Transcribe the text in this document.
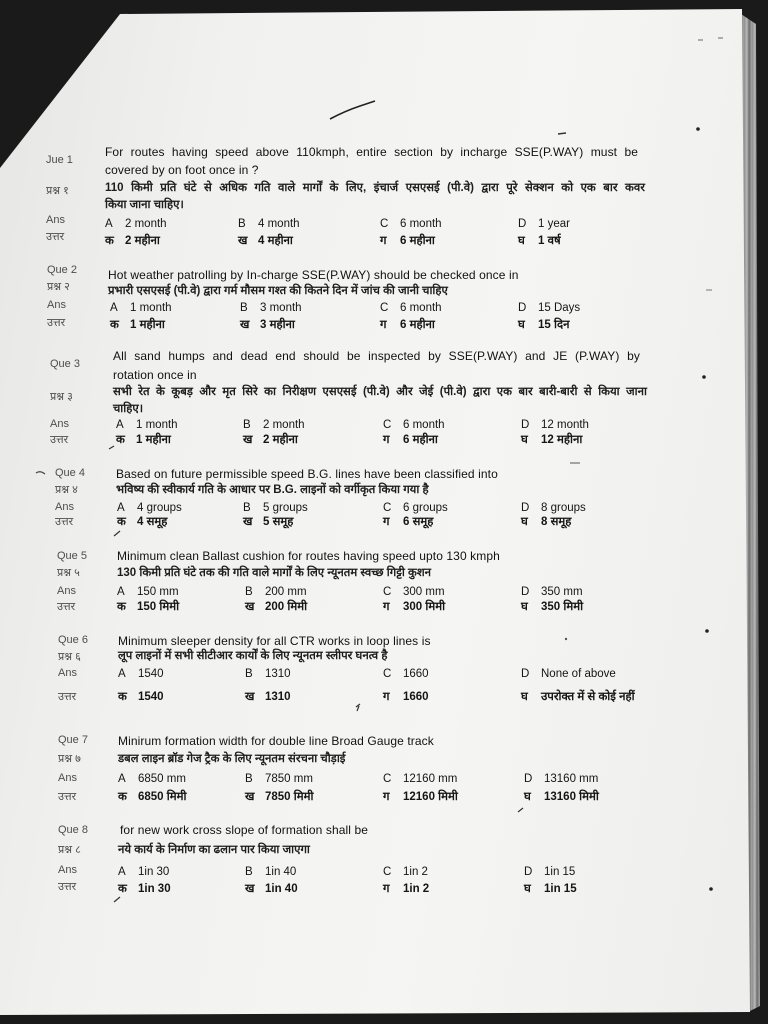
Jue 1
प्रश्न १
For routes having speed above 110kmph, entire section by incharge SSE(P.WAY) must be
covered by on foot once in ?
110 किमी प्रति घंटे से अधिक गति वाले मार्गों के लिए, इंचार्ज एसएसई (पी.वे) द्वारा पूरे सेक्शन को एक बार कवर
किया जाना चाहिए।
Ans	A 2 month	B 4 month	C 6 month	D 1 year
उत्तर	क 2 महीना	ख 4 महीना	ग 6 महीना	घ 1 वर्ष
Que 2
प्रश्न २
Hot weather patrolling by In-charge SSE(P.WAY) should be checked once in
प्रभारी एसएसई (पी.वे) द्वारा गर्म मौसम गश्त की कितने दिन में जांच की जानी चाहिए
Ans	A 1 month	B 3 month	C 6 month	D 15 Days
उत्तर	क 1 महीना	ख 3 महीना	ग 6 महीना	घ 15 दिन
Que 3
प्रश्न ३
All sand humps and dead end should be inspected by SSE(P.WAY) and JE (P.WAY) by
rotation once in
सभी रेत के कूबड़ और मृत सिरे का निरीक्षण एसएसई (पी.वे) और जेई (पी.वे) द्वारा एक बार बारी-बारी से किया जाना
चाहिए।
Ans	A 1 month	B 2 month	C 6 month	D 12 month
उत्तर	क 1 महीना	ख 2 महीना	ग 6 महीना	घ 12 महीना
Que 4
प्रश्न ४
Based on future permissible speed B.G. lines have been classified into
भविष्य की स्वीकार्य गति के आधार पर B.G. लाइनों को वर्गीकृत किया गया है
Ans	A 4 groups	B 5 groups	C 6 groups	D 8 groups
उत्तर	क 4 समूह	ख 5 समूह	ग 6 समूह	घ 8 समूह
Que 5
प्रश्न ५
Minimum clean Ballast cushion for routes having speed upto 130 kmph
130 किमी प्रति घंटे तक की गति वाले मार्गों के लिए न्यूनतम स्वच्छ गिट्टी कुशन
Ans	A 150 mm	B 200 mm	C 300 mm	D 350 mm
उत्तर	क 150 मिमी	ख 200 मिमी	ग 300 मिमी	घ 350 मिमी
Que 6
प्रश्न ६
Minimum sleeper density for all CTR works in loop lines is
लूप लाइनों में सभी सीटीआर कार्यों के लिए न्यूनतम स्लीपर घनत्व है
Ans	A 1540	B 1310	C 1660	D None of above
उत्तर	क 1540	ख 1310	ग 1660	घ उपरोक्त में से कोई नहीं
Que 7
प्रश्न ७
Minirum formation width for double line Broad Gauge track
डबल लाइन ब्रॉड गेज ट्रैक के लिए न्यूनतम संरचना चौड़ाई
Ans	A 6850 mm	B 7850 mm	C 12160 mm	D 13160 mm
उत्तर	क 6850 मिमी	ख 7850 मिमी	ग 12160 मिमी	घ 13160 मिमी
Que 8
प्रश्न ८
for new work cross slope of formation shall be
नये कार्य के निर्माण का ढलान पार किया जाएगा
Ans	A 1in 30	B 1in 40	C 1in 2	D 1in 15
उत्तर	क 1in 30	ख 1in 40	ग 1in 2	घ 1in 15
